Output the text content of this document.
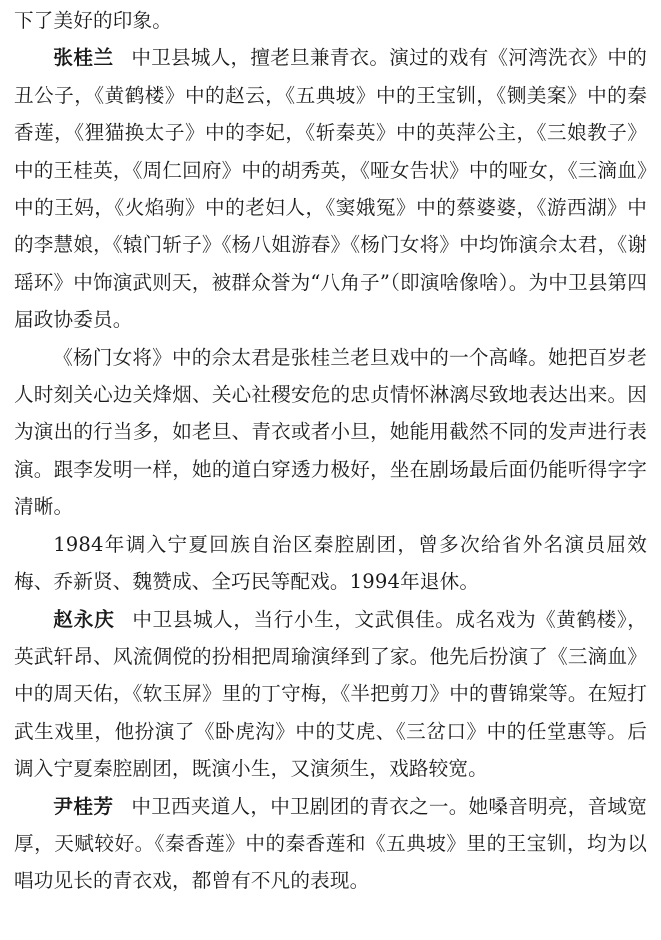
下了美好的印象。

张桂兰 中卫县城人，擅老旦兼青衣。演过的戏有《河湾洗衣》中的丑公子，《黄鹤楼》中的赵云，《五典坡》中的王宝钏，《铡美案》中的秦香莲，《狸猫换太子》中的李妃，《斩秦英》中的英萍公主，《三娘教子》中的王桂英，《周仁回府》中的胡秀英，《哑女告状》中的哑女，《三滴血》中的王妈，《火焰驹》中的老妇人，《窦娥冤》中的蔡婆婆，《游西湖》中的李慧娘，《辕门斩子》《杨八姐游春》《杨门女将》中均饰演佘太君，《谢瑶环》中饰演武则天，被群众誉为“八角子”（即演啥像啥）。为中卫县第四届政协委员。

《杨门女将》中的佘太君是张桂兰老旦戏中的一个高峰。她把百岁老人时刻关心边关烽烟、关心社稷安危的忠贞情怀淋漓尽致地表达出来。因为演出的行当多，如老旦、青衣或者小旦，她能用截然不同的发声进行表演。跟李发明一样，她的道白穿透力极好，坐在剧场最后面仍能听得字字清晰。

1984年调入宁夏回族自治区秦腔剧团，曾多次给省外名演员屈效梅、乔新贤、魏赞成、全巧民等配戏。1994年退休。

赵永庆 中卫县城人，当行小生，文武俱佳。成名戏为《黄鹤楼》，英武轩昂、风流倜傥的扮相把周瑜演绎到了家。他先后扮演了《三滴血》中的周天佑，《软玉屏》里的丁守梅，《半把剪刀》中的曹锦棠等。在短打武生戏里，他扮演了《卧虎沟》中的艾虎、《三岔口》中的任堂惠等。后调入宁夏秦腔剧团，既演小生，又演须生，戏路较宽。

尹桂芳 中卫西夹道人，中卫剧团的青衣之一。她嗓音明亮，音域宽厚，天赋较好。《秦香莲》中的秦香莲和《五典坡》里的王宝钏，均为以唱功见长的青衣戏，都曾有不凡的表现。
